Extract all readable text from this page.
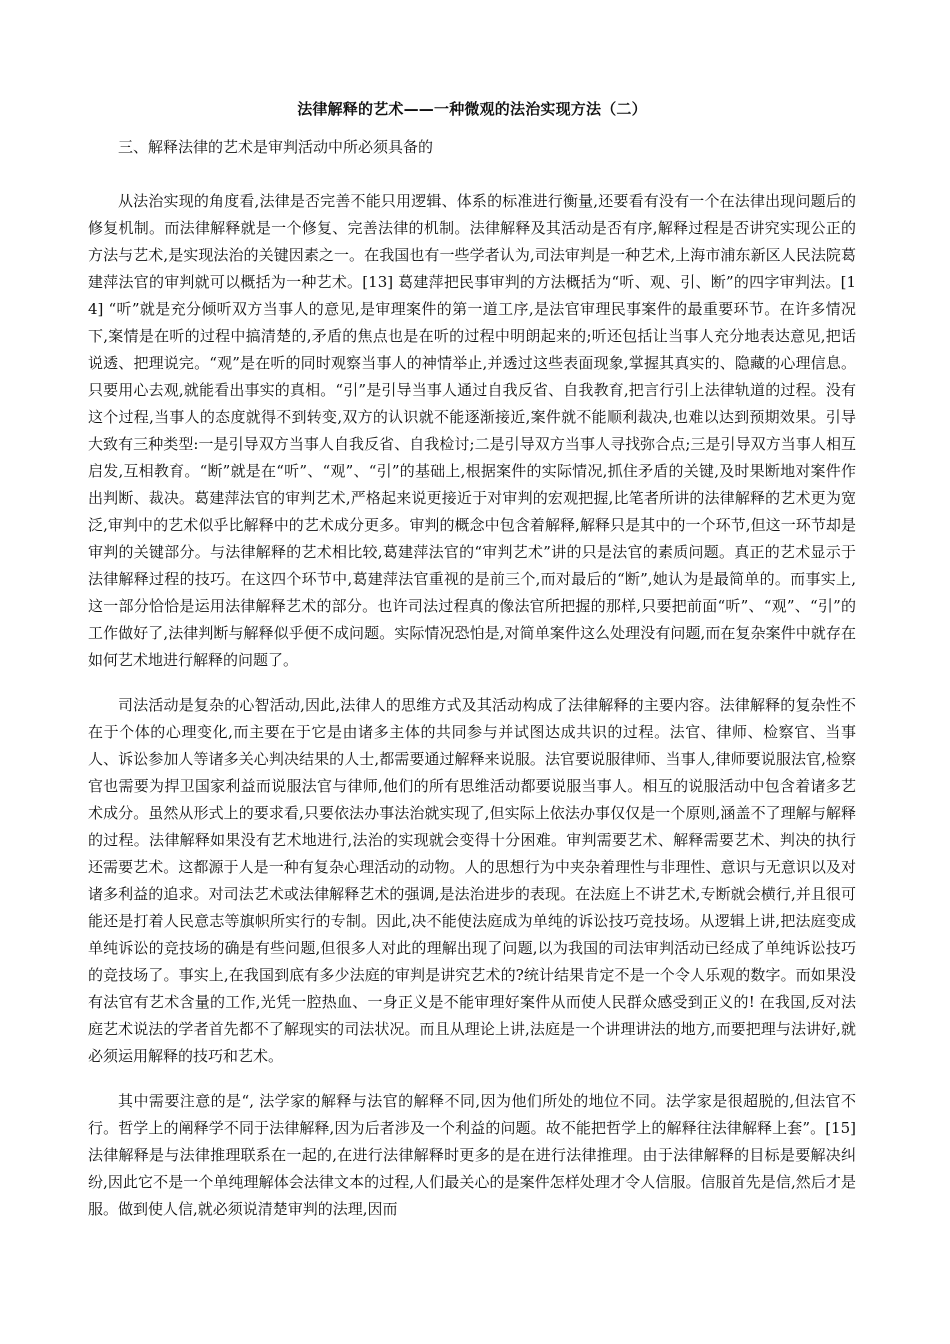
法律解释的艺术——一种微观的法治实现方法（二）
三、解释法律的艺术是审判活动中所必须具备的

从法治实现的角度看,法律是否完善不能只用逻辑、体系的标准进行衡量,还要看有没有一个在法律出现问题后的修复机制。而法律解释就是一个修复、完善法律的机制。法律解释及其活动是否有序,解释过程是否讲究实现公正的方法与艺术,是实现法治的关键因素之一。在我国也有一些学者认为,司法审判是一种艺术,上海市浦东新区人民法院葛建萍法官的审判就可以概括为一种艺术。[13] 葛建萍把民事审判的方法概括为“听、观、引、断”的四字审判法。[14] “听”就是充分倾听双方当事人的意见,是审理案件的第一道工序,是法官审理民事案件的最重要环节。在许多情况下,案情是在听的过程中搞清楚的,矛盾的焦点也是在听的过程中明朗起来的;听还包括让当事人充分地表达意见,把话说透、把理说完。“观”是在听的同时观察当事人的神情举止,并透过这些表面现象,掌握其真实的、隐藏的心理信息。只要用心去观,就能看出事实的真相。“引”是引导当事人通过自我反省、自我教育,把言行引上法律轨道的过程。没有这个过程,当事人的态度就得不到转变,双方的认识就不能逐渐接近,案件就不能顺利裁决,也难以达到预期效果。引导大致有三种类型:一是引导双方当事人自我反省、自我检讨;二是引导双方当事人寻找弥合点;三是引导双方当事人相互启发,互相教育。“断”就是在“听”、“观”、“引”的基础上,根据案件的实际情况,抓住矛盾的关键,及时果断地对案件作出判断、裁决。葛建萍法官的审判艺术,严格起来说更接近于对审判的宏观把握,比笔者所讲的法律解释的艺术更为宽泛,审判中的艺术似乎比解释中的艺术成分更多。审判的概念中包含着解释,解释只是其中的一个环节,但这一环节却是审判的关键部分。与法律解释的艺术相比较,葛建萍法官的“审判艺术”讲的只是法官的素质问题。真正的艺术显示于法律解释过程的技巧。在这四个环节中,葛建萍法官重视的是前三个,而对最后的“断”,她认为是最简单的。而事实上,这一部分恰恰是运用法律解释艺术的部分。也许司法过程真的像法官所把握的那样,只要把前面“听”、“观”、“引”的工作做好了,法律判断与解释似乎便不成问题。实际情况恐怕是,对简单案件这么处理没有问题,而在复杂案件中就存在如何艺术地进行解释的问题了。

司法活动是复杂的心智活动,因此,法律人的思维方式及其活动构成了法律解释的主要内容。法律解释的复杂性不在于个体的心理变化,而主要在于它是由诸多主体的共同参与并试图达成共识的过程。法官、律师、检察官、当事人、诉讼参加人等诸多关心判决结果的人士,都需要通过解释来说服。法官要说服律师、当事人,律师要说服法官,检察官也需要为捍卫国家利益而说服法官与律师,他们的所有思维活动都要说服当事人。相互的说服活动中包含着诸多艺术成分。虽然从形式上的要求看,只要依法办事法治就实现了,但实际上依法办事仅仅是一个原则,涵盖不了理解与解释的过程。法律解释如果没有艺术地进行,法治的实现就会变得十分困难。审判需要艺术、解释需要艺术、判决的执行还需要艺术。这都源于人是一种有复杂心理活动的动物。人的思想行为中夹杂着理性与非理性、意识与无意识以及对诸多利益的追求。对司法艺术或法律解释艺术的强调,是法治进步的表现。在法庭上不讲艺术,专断就会横行,并且很可能还是打着人民意志等旗帜所实行的专制。因此,决不能使法庭成为单纯的诉讼技巧竞技场。从逻辑上讲,把法庭变成单纯诉讼的竞技场的确是有些问题,但很多人对此的理解出现了问题,以为我国的司法审判活动已经成了单纯诉讼技巧的竞技场了。事实上,在我国到底有多少法庭的审判是讲究艺术的?统计结果肯定不是一个令人乐观的数字。而如果没有法官有艺术含量的工作,光凭一腔热血、一身正义是不能审理好案件从而使人民群众感受到正义的! 在我国,反对法庭艺术说法的学者首先都不了解现实的司法状况。而且从理论上讲,法庭是一个讲理讲法的地方,而要把理与法讲好,就必须运用解释的技巧和艺术。

其中需要注意的是“, 法学家的解释与法官的解释不同,因为他们所处的地位不同。法学家是很超脱的,但法官不行。哲学上的阐释学不同于法律解释,因为后者涉及一个利益的问题。故不能把哲学上的解释往法律解释上套”。[15] 法律解释是与法律推理联系在一起的,在进行法律解释时更多的是在进行法律推理。由于法律解释的目标是要解决纠纷,因此它不是一个单纯理解体会法律文本的过程,人们最关心的是案件怎样处理才令人信服。信服首先是信,然后才是服。做到使人信,就必须说清楚审判的法理,因而
